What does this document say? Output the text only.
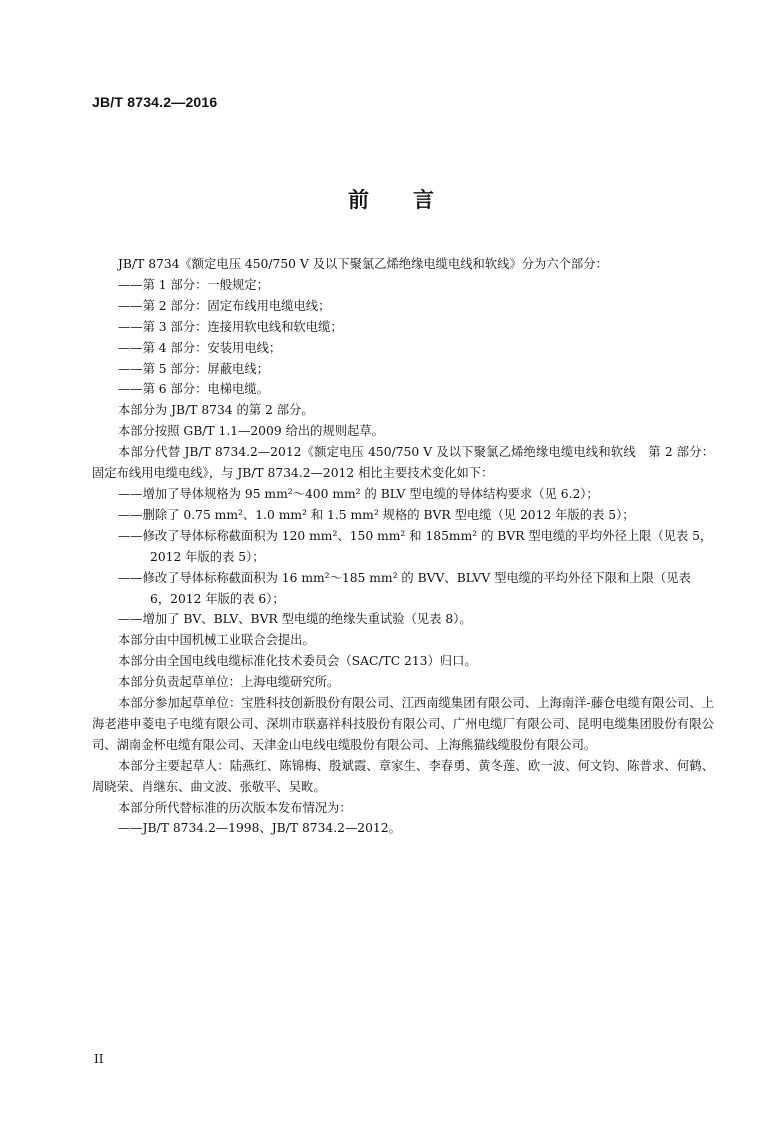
JB/T 8734.2—2016
前 言

JB/T 8734《额定电压 450/750 V 及以下聚氯乙烯绝缘电缆电线和软线》分为六个部分：

——第 1 部分：一般规定；

——第 2 部分：固定布线用电缆电线；

——第 3 部分：连接用软电线和软电缆；

——第 4 部分：安装用电线；

——第 5 部分：屏蔽电线；

——第 6 部分：电梯电缆。

本部分为 JB/T 8734 的第 2 部分。

本部分按照 GB/T 1.1—2009 给出的规则起草。

本部分代替 JB/T 8734.2—2012《额定电压 450/750 V 及以下聚氯乙烯绝缘电缆电线和软线　第 2 部分：固定布线用电缆电线》，与 JB/T 8734.2—2012 相比主要技术变化如下：

——增加了导体规格为 95 mm²～400 mm² 的 BLV 型电缆的导体结构要求（见 6.2）；

——删除了 0.75 mm²、1.0 mm² 和 1.5 mm² 规格的 BVR 型电缆（见 2012 年版的表 5）；

——修改了导体标称截面积为 120 mm²、150 mm² 和 185mm² 的 BVR 型电缆的平均外径上限（见表 5，2012 年版的表 5）；

——修改了导体标称截面积为 16 mm²～185 mm² 的 BVV、BLVV 型电缆的平均外径下限和上限（见表 6，2012 年版的表 6）；

——增加了 BV、BLV、BVR 型电缆的绝缘失重试验（见表 8）。

本部分由中国机械工业联合会提出。

本部分由全国电线电缆标准化技术委员会（SAC/TC 213）归口。

本部分负责起草单位：上海电缆研究所。

本部分参加起草单位：宝胜科技创新股份有限公司、江西南缆集团有限公司、上海南洋-藤仓电缆有限公司、上海老港申菱电子电缆有限公司、深圳市联嘉祥科技股份有限公司、广州电缆厂有限公司、昆明电缆集团股份有限公司、湖南金杯电缆有限公司、天津金山电线电缆股份有限公司、上海熊猫线缆股份有限公司。

本部分主要起草人：陆燕红、陈锦梅、殷斌霞、章家生、李春勇、黄冬莲、欧一波、何文钧、陈普求、何鹤、周晓荣、肖继东、曲文波、张敬平、吴畋。

本部分所代替标准的历次版本发布情况为：

——JB/T 8734.2—1998、JB/T 8734.2—2012。

II
